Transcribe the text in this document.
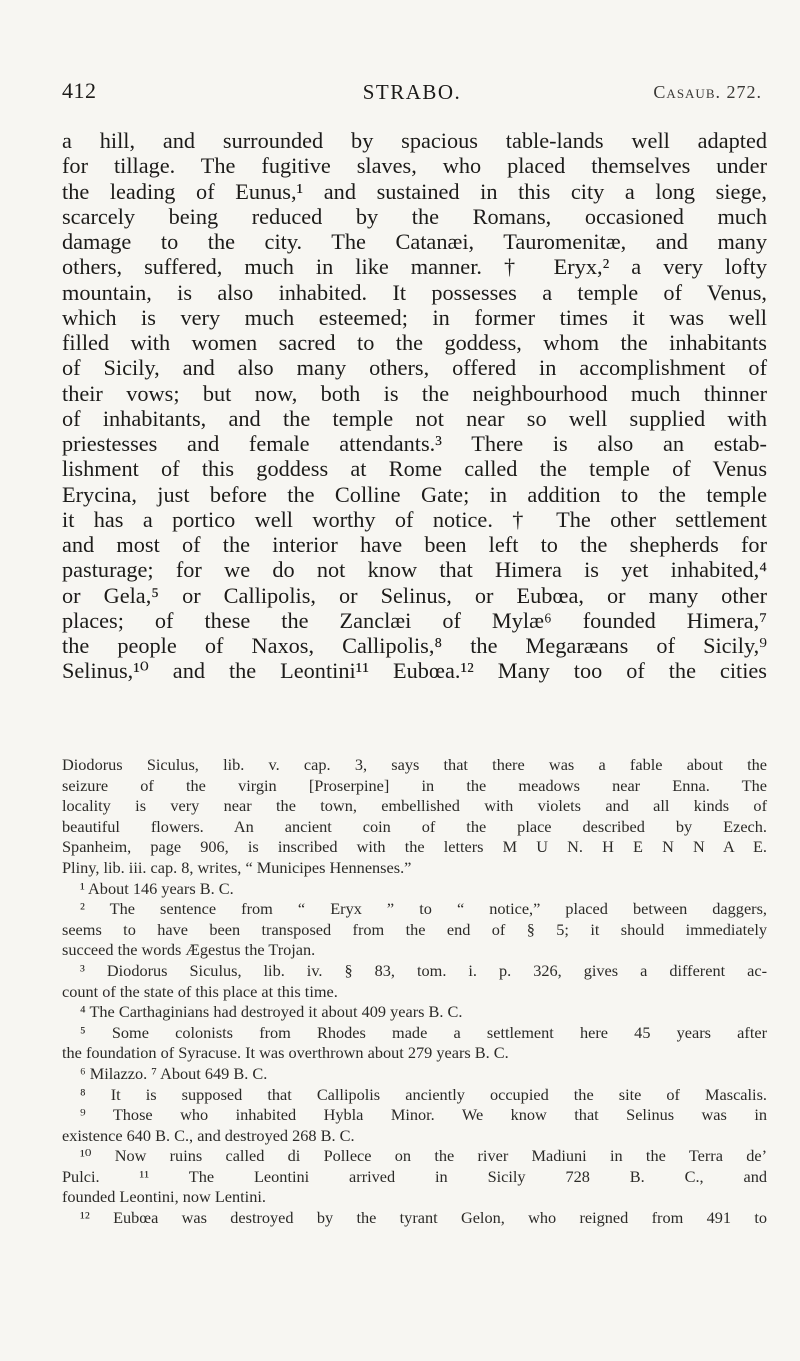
412	STRABO.	Casaub. 272.
a hill, and surrounded by spacious table-lands well adapted
for tillage. The fugitive slaves, who placed themselves under
the leading of Eunus,¹ and sustained in this city a long siege,
scarcely being reduced by the Romans, occasioned much
damage to the city. The Catanæi, Tauromenitæ, and many
others, suffered, much in like manner. † Eryx,² a very lofty
mountain, is also inhabited. It possesses a temple of Venus,
which is very much esteemed; in former times it was well
filled with women sacred to the goddess, whom the inhabitants
of Sicily, and also many others, offered in accomplishment of
their vows; but now, both is the neighbourhood much thinner
of inhabitants, and the temple not near so well supplied with
priestesses and female attendants.³ There is also an estab-
lishment of this goddess at Rome called the temple of Venus
Erycina, just before the Colline Gate; in addition to the temple
it has a portico well worthy of notice. † The other settlement
and most of the interior have been left to the shepherds for
pasturage; for we do not know that Himera is yet inhabited,⁴
or Gela,⁵ or Callipolis, or Selinus, or Eubœa, or many other
places; of these the Zanclæi of Mylæ⁶ founded Himera,⁷
the people of Naxos, Callipolis,⁸ the Megaræans of Sicily,⁹
Selinus,¹⁰ and the Leontini¹¹ Eubœa.¹² Many too of the cities
Diodorus Siculus, lib. v. cap. 3, says that there was a fable about the
seizure of the virgin [Proserpine] in the meadows near Enna. The
locality is very near the town, embellished with violets and all kinds of
beautiful flowers. An ancient coin of the place described by Ezech.
Spanheim, page 906, is inscribed with the letters M U N. H E N N A E.
Pliny, lib. iii. cap. 8, writes, “ Municipes Hennenses.”
¹ About 146 years B. C.
² The sentence from “ Eryx ” to “ notice,” placed between daggers,
seems to have been transposed from the end of § 5; it should immediately
succeed the words Ægestus the Trojan.
³ Diodorus Siculus, lib. iv. § 83, tom. i. p. 326, gives a different ac-
count of the state of this place at this time.
⁴ The Carthaginians had destroyed it about 409 years B. C.
⁵ Some colonists from Rhodes made a settlement here 45 years after
the foundation of Syracuse. It was overthrown about 279 years B. C.
⁶ Milazzo. ⁷ About 649 B. C.
⁸ It is supposed that Callipolis anciently occupied the site of Mascalis.
⁹ Those who inhabited Hybla Minor. We know that Selinus was in
existence 640 B. C., and destroyed 268 B. C.
¹⁰ Now ruins called di Pollece on the river Madiuni in the Terra de’
Pulci. ¹¹ The Leontini arrived in Sicily 728 B. C., and
founded Leontini, now Lentini.
¹² Eubœa was destroyed by the tyrant Gelon, who reigned from 491 to
